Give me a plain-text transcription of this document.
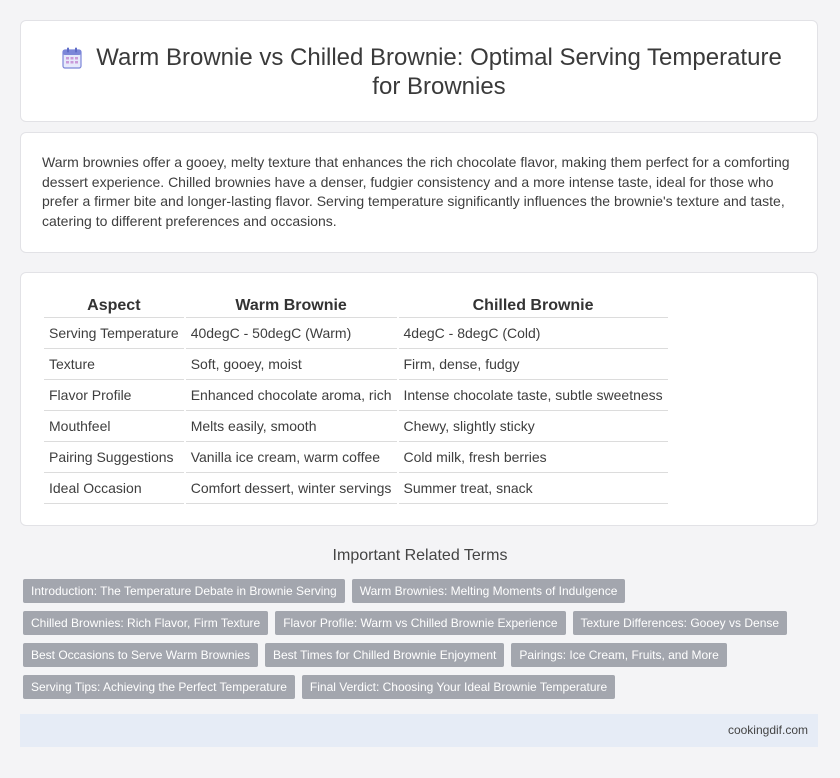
Warm Brownie vs Chilled Brownie: Optimal Serving Temperature for Brownies
Warm brownies offer a gooey, melty texture that enhances the rich chocolate flavor, making them perfect for a comforting dessert experience. Chilled brownies have a denser, fudgier consistency and a more intense taste, ideal for those who prefer a firmer bite and longer-lasting flavor. Serving temperature significantly influences the brownie's texture and taste, catering to different preferences and occasions.
Aspect	Warm Brownie	Chilled Brownie
Serving Temperature	40degC - 50degC (Warm)	4degC - 8degC (Cold)
Texture	Soft, gooey, moist	Firm, dense, fudgy
Flavor Profile	Enhanced chocolate aroma, rich	Intense chocolate taste, subtle sweetness
Mouthfeel	Melts easily, smooth	Chewy, slightly sticky
Pairing Suggestions	Vanilla ice cream, warm coffee	Cold milk, fresh berries
Ideal Occasion	Comfort dessert, winter servings	Summer treat, snack
Important Related Terms
Introduction: The Temperature Debate in Brownie Serving	Warm Brownies: Melting Moments of Indulgence
Chilled Brownies: Rich Flavor, Firm Texture	Flavor Profile: Warm vs Chilled Brownie Experience	Texture Differences: Gooey vs Dense
Best Occasions to Serve Warm Brownies	Best Times for Chilled Brownie Enjoyment	Pairings: Ice Cream, Fruits, and More
Serving Tips: Achieving the Perfect Temperature	Final Verdict: Choosing Your Ideal Brownie Temperature
cookingdif.com
